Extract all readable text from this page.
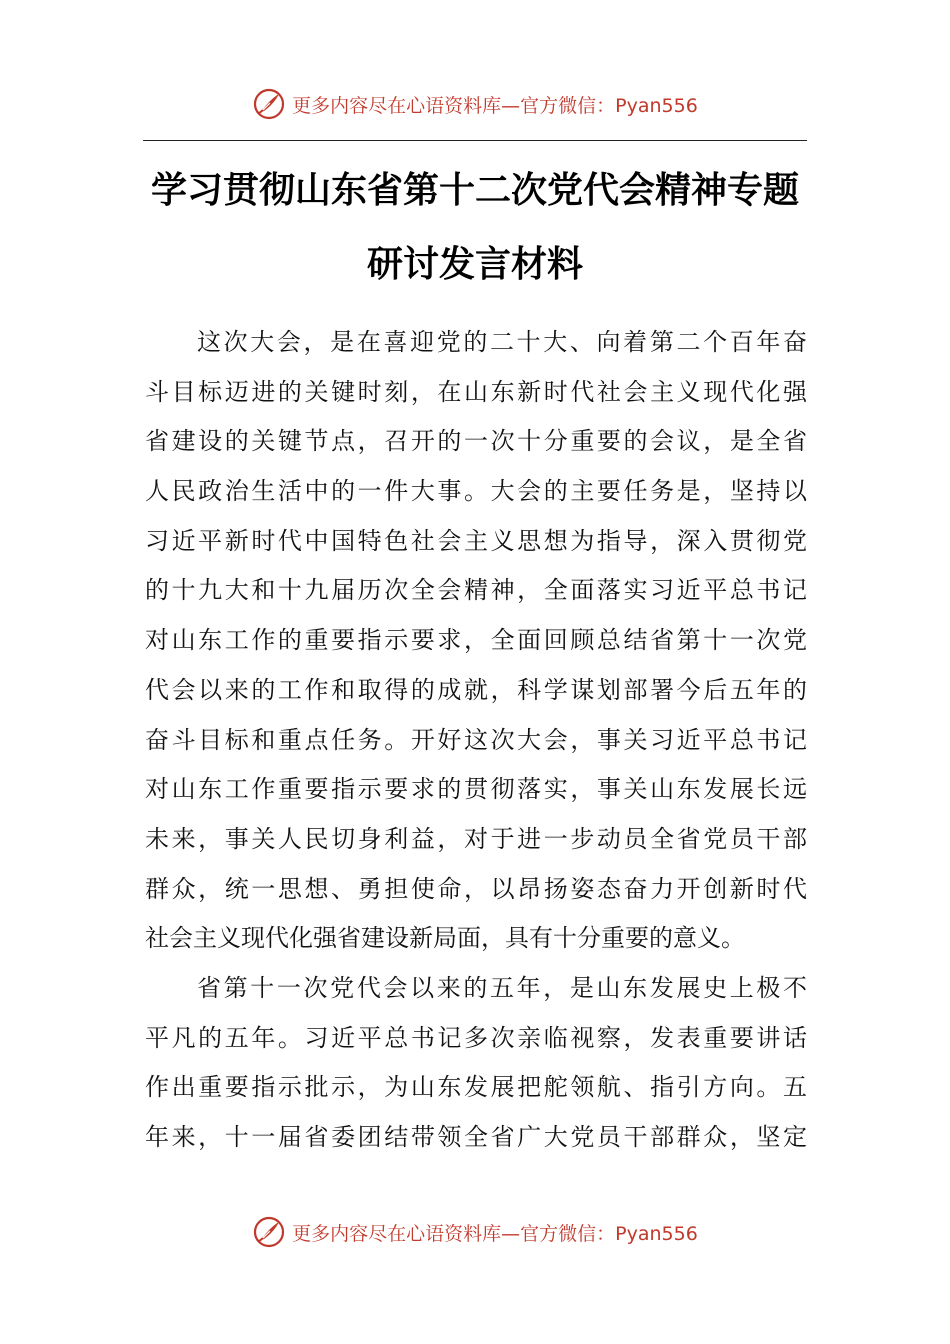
更多内容尽在心语资料库—官方微信：Pyan556
学习贯彻山东省第十二次党代会精神专题
研讨发言材料
这次大会，是在喜迎党的二十大、向着第二个百年奋
斗目标迈进的关键时刻，在山东新时代社会主义现代化强
省建设的关键节点，召开的一次十分重要的会议，是全省
人民政治生活中的一件大事。大会的主要任务是，坚持以
习近平新时代中国特色社会主义思想为指导，深入贯彻党
的十九大和十九届历次全会精神，全面落实习近平总书记
对山东工作的重要指示要求，全面回顾总结省第十一次党
代会以来的工作和取得的成就，科学谋划部署今后五年的
奋斗目标和重点任务。开好这次大会，事关习近平总书记
对山东工作重要指示要求的贯彻落实，事关山东发展长远
未来，事关人民切身利益，对于进一步动员全省党员干部
群众，统一思想、勇担使命，以昂扬姿态奋力开创新时代
社会主义现代化强省建设新局面，具有十分重要的意义。
省第十一次党代会以来的五年，是山东发展史上极不
平凡的五年。习近平总书记多次亲临视察，发表重要讲话
作出重要指示批示，为山东发展把舵领航、指引方向。五
年来，十一届省委团结带领全省广大党员干部群众，坚定
更多内容尽在心语资料库—官方微信：Pyan556
